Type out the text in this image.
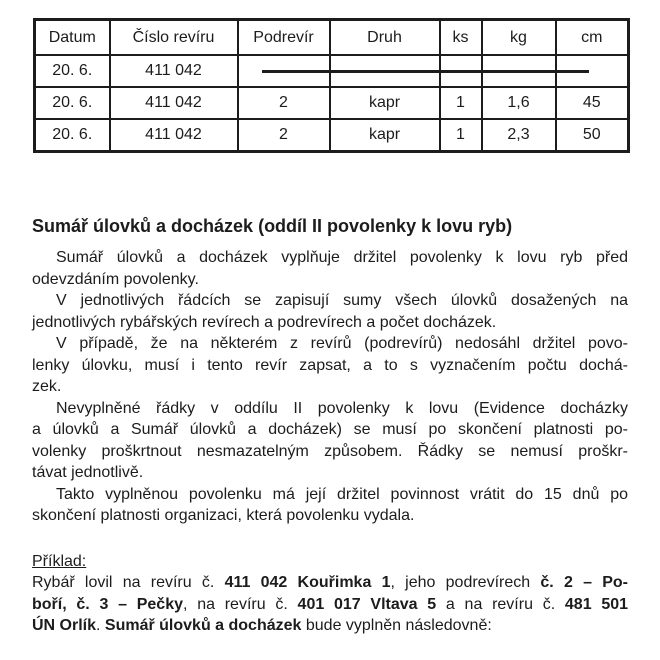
Datum	Číslo revíru	Podrevír	Druh	ks	kg	cm
20. 6.	411 042					
20. 6.	411 042	2	kapr	1	1,6	45
20. 6.	411 042	2	kapr	1	2,3	50
Sumář úlovků a docházek (oddíl II povolenky k lovu ryb)
Sumář úlovků a docházek vyplňuje držitel povolenky k lovu ryb před
odevzdáním povolenky.
V jednotlivých řádcích se zapisují sumy všech úlovků dosažených na
jednotlivých rybářských revírech a podrevírech a počet docházek.
V případě, že na některém z revírů (podrevírů) nedosáhl držitel povo-
lenky úlovku, musí i tento revír zapsat, a to s vyznačením počtu dochá-
zek.
Nevyplněné řádky v oddílu II povolenky k lovu (Evidence docházky
a úlovků a Sumář úlovků a docházek) se musí po skončení platnosti po-
volenky proškrtnout nesmazatelným způsobem. Řádky se nemusí proškr-
távat jednotlivě.
Takto vyplněnou povolenku má její držitel povinnost vrátit do 15 dnů po
skončení platnosti organizaci, která povolenku vydala.
Příklad:
Rybář lovil na revíru č. 411 042 Kouřimka 1, jeho podrevírech č. 2 – Po-
boří, č. 3 – Pečky, na revíru č. 401 017 Vltava 5 a na revíru č. 481 501
ÚN Orlík. Sumář úlovků a docházek bude vyplněn následovně:
